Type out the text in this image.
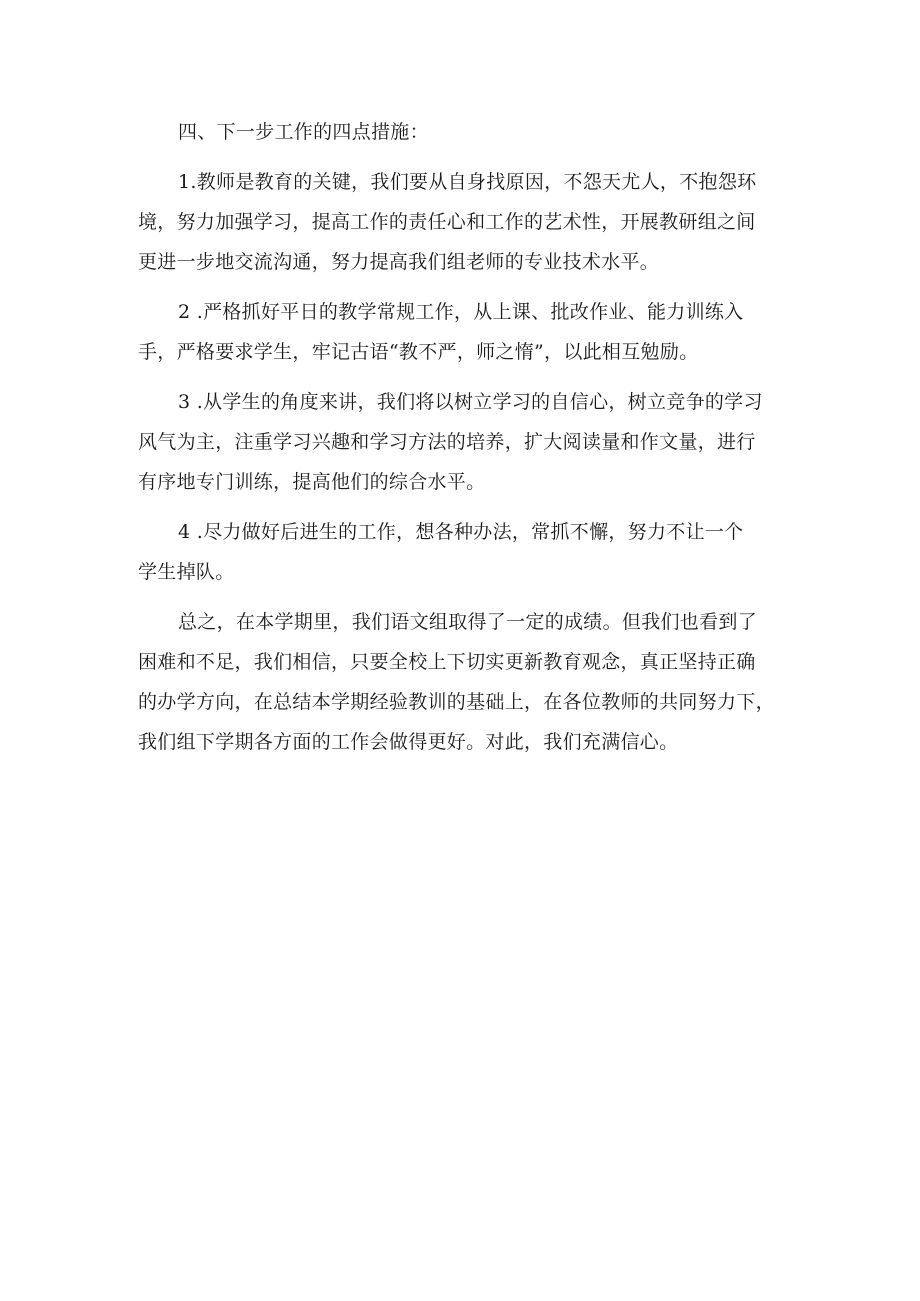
四、下一步工作的四点措施：
1.教师是教育的关键，我们要从自身找原因，不怨天尤人，不抱怨环
境，努力加强学习，提高工作的责任心和工作的艺术性，开展教研组之间
更进一步地交流沟通，努力提高我们组老师的专业技术水平。
2 .严格抓好平日的教学常规工作，从上课、批改作业、能力训练入
手，严格要求学生，牢记古语“教不严，师之惰”，以此相互勉励。
3 .从学生的角度来讲，我们将以树立学习的自信心，树立竞争的学习
风气为主，注重学习兴趣和学习方法的培养，扩大阅读量和作文量，进行
有序地专门训练，提高他们的综合水平。
4 .尽力做好后进生的工作，想各种办法，常抓不懈，努力不让一个
学生掉队。
总之，在本学期里，我们语文组取得了一定的成绩。但我们也看到了
困难和不足，我们相信，只要全校上下切实更新教育观念，真正坚持正确
的办学方向，在总结本学期经验教训的基础上，在各位教师的共同努力下，
我们组下学期各方面的工作会做得更好。对此，我们充满信心。
